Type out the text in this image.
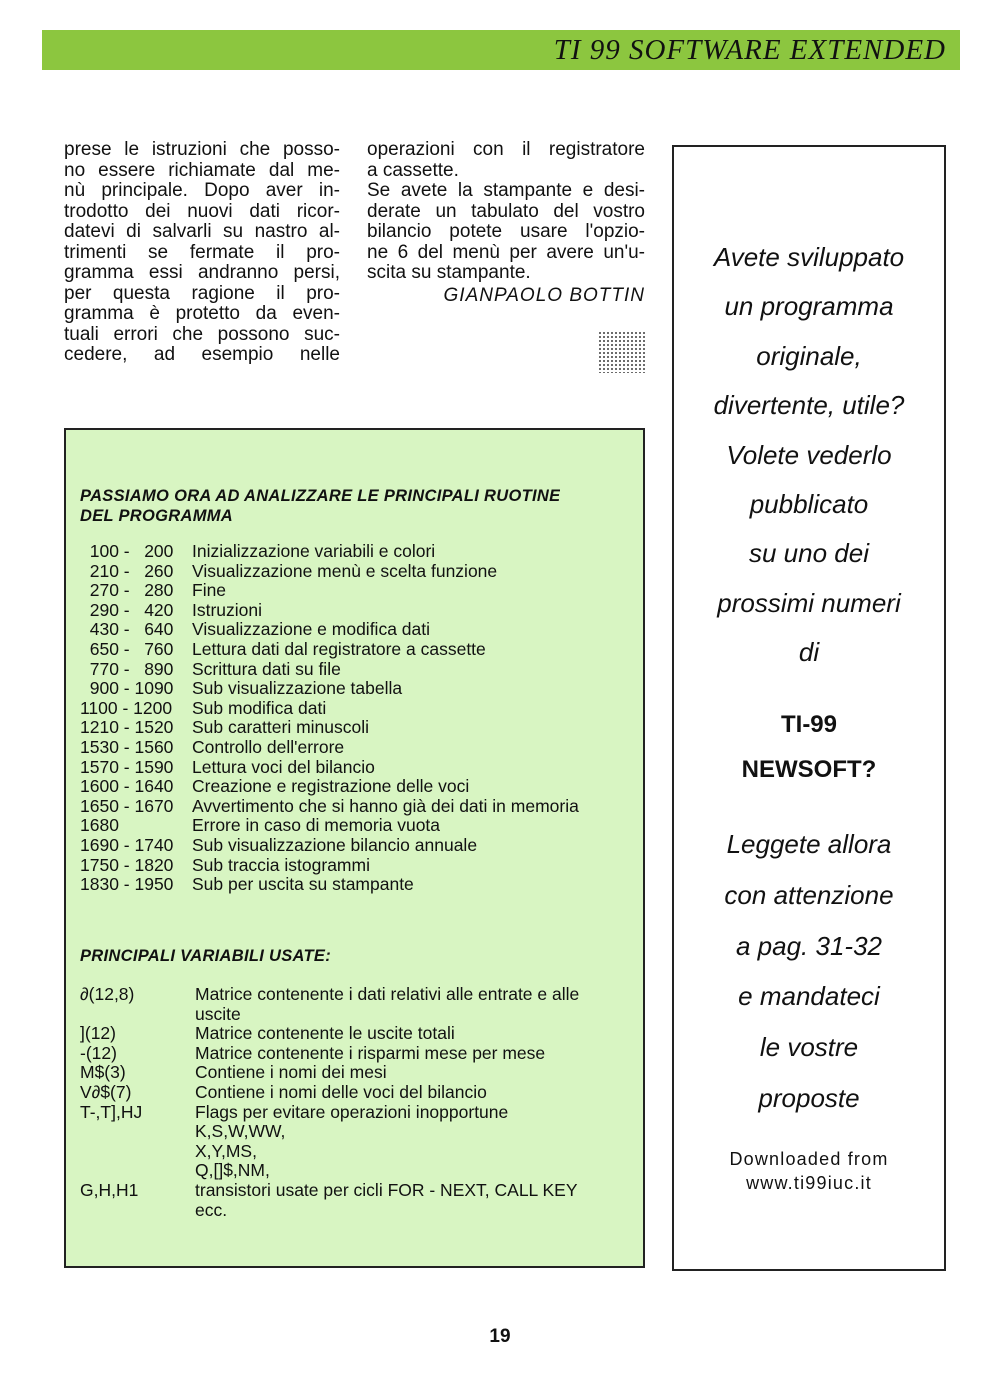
TI 99 SOFTWARE EXTENDED
prese le istruzioni che posso-
no essere richiamate dal me-
nù principale. Dopo aver in-
trodotto dei nuovi dati ricor-
datevi di salvarli su nastro al-
trimenti se fermate il pro-
gramma essi andranno persi,
per questa ragione il pro-
gramma è protetto da even-
tuali errori che possono suc-
cedere, ad esempio nelle
operazioni con il registratore
a cassette.
Se avete la stampante e desi-
derate un tabulato del vostro
bilancio potete usare l'opzio-
ne 6 del menù per avere un'u-
scita su stampante.
GIANPAOLO BOTTIN
PASSIAMO ORA AD ANALIZZARE LE PRINCIPALI RUOTINE
DEL PROGRAMMA
100 -   200	Inizializzazione variabili e colori
210 -   260	Visualizzazione menù e scelta funzione
270 -   280	Fine
290 -   420	Istruzioni
430 -   640	Visualizzazione e modifica dati
650 -   760	Lettura dati dal registratore a cassette
770 -   890	Scrittura dati su file
900 - 1090	Sub visualizzazione tabella
1100 - 1200	Sub modifica dati
1210 - 1520	Sub caratteri minuscoli
1530 - 1560	Controllo dell'errore
1570 - 1590	Lettura voci del bilancio
1600 - 1640	Creazione e registrazione delle voci
1650 - 1670	Avvertimento che si hanno già dei dati in memoria
1680	Errore in caso di memoria vuota
1690 - 1740	Sub visualizzazione bilancio annuale
1750 - 1820	Sub traccia istogrammi
1830 - 1950	Sub per uscita su stampante
PRINCIPALI VARIABILI USATE:
∂(12,8)	Matrice contenente i dati relativi alle entrate e alle
uscite
](12)	Matrice contenente le uscite totali
-(12)	Matrice contenente i risparmi mese per mese
M$(3)	Contiene i nomi dei mesi
V∂$(7)	Contiene i nomi delle voci del bilancio
T-,T],HJ	Flags per evitare operazioni inopportune
K,S,W,WW,
X,Y,MS,
Q,[]$,NM,
G,H,H1	transistori usate per cicli FOR - NEXT, CALL KEY
ecc.
Avete sviluppato
un programma
originale,
divertente, utile?
Volete vederlo
pubblicato
su uno dei
prossimi numeri
di
TI-99
NEWSOFT?
Leggete allora
con attenzione
a pag. 31-32
e mandateci
le vostre
proposte
Downloaded from
www.ti99iuc.it
19
